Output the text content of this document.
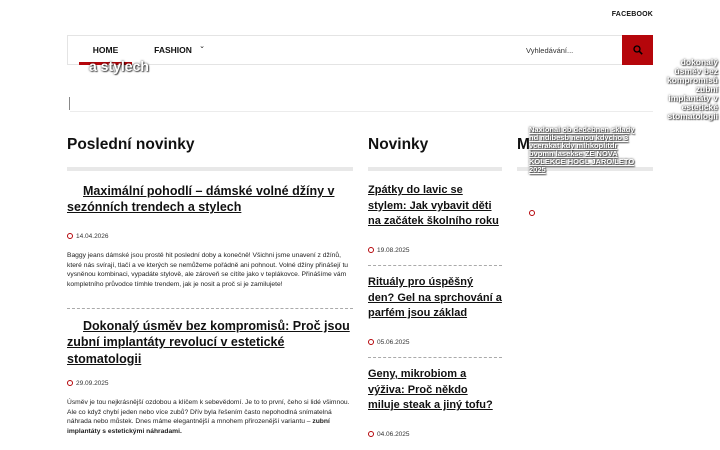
FACEBOOK
HOME	FASHION ⌄
Vyhledávání...
a stylech	dokonalý úsměv bez kompromisů zubní implantáty v estetické stomatologii
Poslední novinky	Novinky	M
Maximální pohodlí – dámské volné džíny v sezónních trendech a stylech
14.04.2026

Baggy jeans dámské jsou prostě hit poslední doby a konečně! Všichni jsme unavení z džínů, které nás svírají, tlačí a ve kterých se nemůžeme pořádně ani pohnout. Volné džíny přinášejí tu vysněnou kombinaci, vypadáte stylově, ale zároveň se cítíte jako v teplákovce. Přinášíme vám kompletního průvodce tímhle trendem, jak je nosit a proč si je zamilujete!

Dokonalý úsměv bez kompromisů: Proč jsou zubní implantáty revolucí v estetické stomatologii
29.09.2025

Úsměv je tou nejkrásnější ozdobou a klíčem k sebevědomí. Je to to první, čeho si lidé všimnou. Ale co když chybí jeden nebo více zubů? Dřív byla řešením často nepohodlná snímatelná náhrada nebo můstek. Dnes máme elegantnější a mnohem přirozenější variantu – zubní implantáty s estetickými náhradami.

Zpátky do lavic se stylem: Jak vybavit děti na začátek školního roku
19.08.2025
Rituály pro úspěšný den? Gel na sprchování a parfém jsou základ
05.06.2025
Geny, mikrobiom a výživa: Proč někdo miluje steak a jiný tofu?
04.06.2025
Naxlonal ob dedebnen sklady nd ndibesb nenou kdycho 3 vcerakat kdy mlhkoplitdr bvpmn lasekse ZE NOVA KOLEKCE HOGL JARO/LETO 2025
